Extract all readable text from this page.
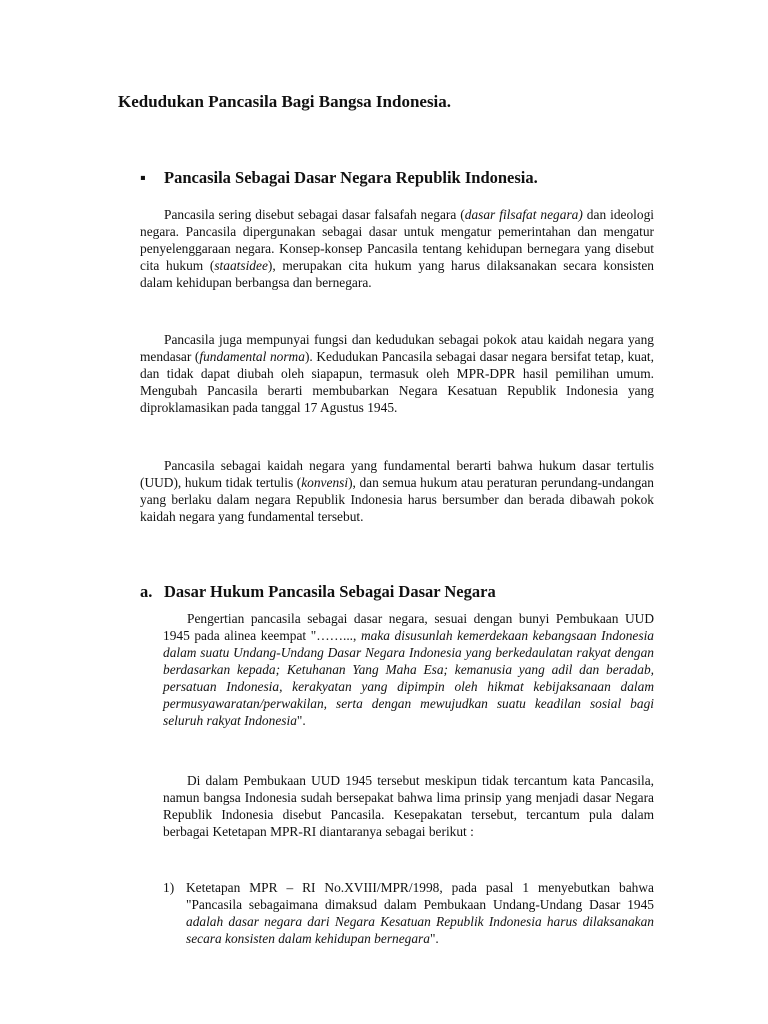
Kedudukan Pancasila Bagi Bangsa Indonesia.
▪ Pancasila Sebagai Dasar Negara Republik Indonesia.

Pancasila sering disebut sebagai dasar falsafah negara (dasar filsafat negara) dan ideologi negara. Pancasila dipergunakan sebagai dasar untuk mengatur pemerintahan dan mengatur penyelenggaraan negara. Konsep-konsep Pancasila tentang kehidupan bernegara yang disebut cita hukum (staatsidee), merupakan cita hukum yang harus dilaksanakan secara konsisten dalam kehidupan berbangsa dan bernegara.

Pancasila juga mempunyai fungsi dan kedudukan sebagai pokok atau kaidah negara yang mendasar (fundamental norma). Kedudukan Pancasila sebagai dasar negara bersifat tetap, kuat, dan tidak dapat diubah oleh siapapun, termasuk oleh MPR-DPR hasil pemilihan umum. Mengubah Pancasila berarti membubarkan Negara Kesatuan Republik Indonesia yang diproklamasikan pada tanggal 17 Agustus 1945.

Pancasila sebagai kaidah negara yang fundamental berarti bahwa hukum dasar tertulis (UUD), hukum tidak tertulis (konvensi), dan semua hukum atau peraturan perundang-undangan yang berlaku dalam negara Republik Indonesia harus bersumber dan berada dibawah pokok kaidah negara yang fundamental tersebut.

a. Dasar Hukum Pancasila Sebagai Dasar Negara

Pengertian pancasila sebagai dasar negara, sesuai dengan bunyi Pembukaan UUD 1945 pada alinea keempat "……..., maka disusunlah kemerdekaan kebangsaan Indonesia dalam suatu Undang-Undang Dasar Negara Indonesia yang berkedaulatan rakyat dengan berdasarkan kepada; Ketuhanan Yang Maha Esa; kemanusia yang adil dan beradab, persatuan Indonesia, kerakyatan yang dipimpin oleh hikmat kebijaksanaan dalam permusyawaratan/perwakilan, serta dengan mewujudkan suatu keadilan sosial bagi seluruh rakyat Indonesia".

Di dalam Pembukaan UUD 1945 tersebut meskipun tidak tercantum kata Pancasila, namun bangsa Indonesia sudah bersepakat bahwa lima prinsip yang menjadi dasar Negara Republik Indonesia disebut Pancasila. Kesepakatan tersebut, tercantum pula dalam berbagai Ketetapan MPR-RI diantaranya sebagai berikut :

1) Ketetapan MPR – RI No.XVIII/MPR/1998, pada pasal 1 menyebutkan bahwa "Pancasila sebagaimana dimaksud dalam Pembukaan Undang-Undang Dasar 1945 adalah dasar negara dari Negara Kesatuan Republik Indonesia harus dilaksanakan secara konsisten dalam kehidupan bernegara".
